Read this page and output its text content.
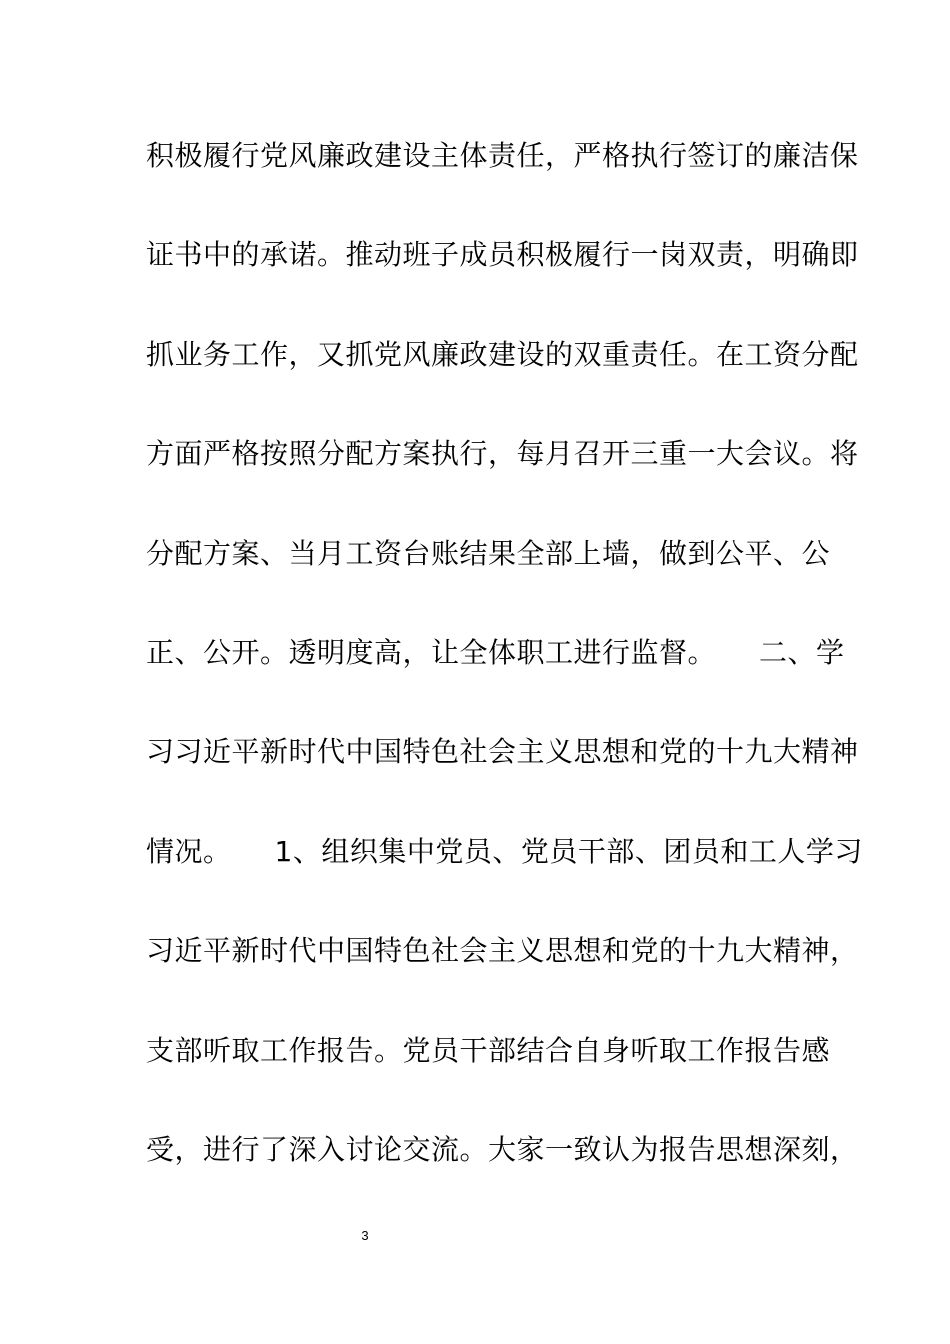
积极履行党风廉政建设主体责任，严格执行签订的廉洁保
证书中的承诺。推动班子成员积极履行一岗双责，明确即
抓业务工作，又抓党风廉政建设的双重责任。在工资分配
方面严格按照分配方案执行，每月召开三重一大会议。将
分配方案、当月工资台账结果全部上墙，做到公平、公
正、公开。透明度高，让全体职工进行监督。　　二、学
习习近平新时代中国特色社会主义思想和党的十九大精神
情况。　　1、组织集中党员、党员干部、团员和工人学习
习近平新时代中国特色社会主义思想和党的十九大精神，
支部听取工作报告。党员干部结合自身听取工作报告感
受，进行了深入讨论交流。大家一致认为报告思想深刻，
3
